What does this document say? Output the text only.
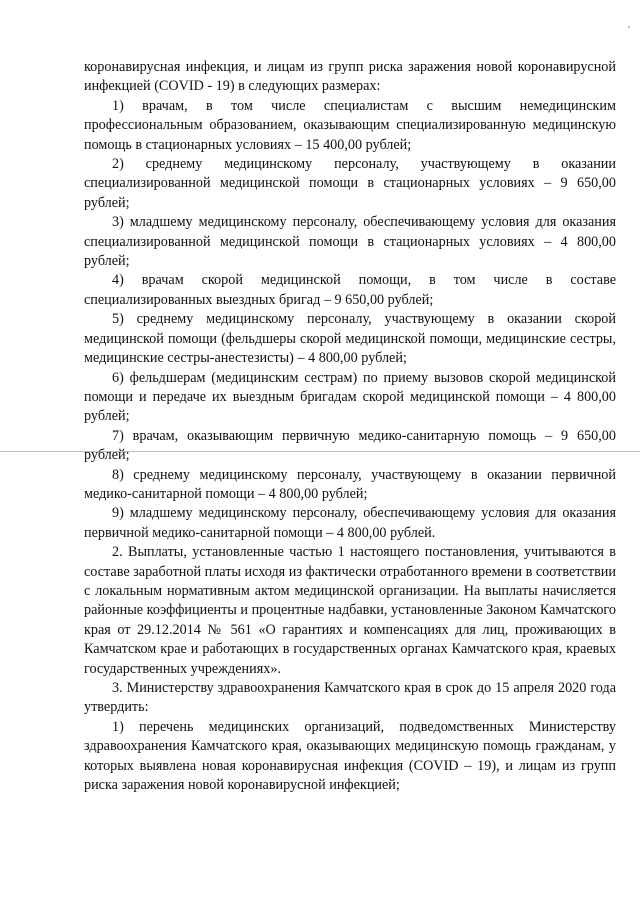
коронавирусная инфекция, и лицам из групп риска заражения новой коронавирусной инфекцией (COVID - 19) в следующих размерах:

1) врачам, в том числе специалистам с высшим немедицинским профессиональным образованием, оказывающим специализированную медицинскую помощь в стационарных условиях – 15 400,00 рублей;

2) среднему медицинскому персоналу, участвующему в оказании специализированной медицинской помощи в стационарных условиях – 9 650,00 рублей;

3) младшему медицинскому персоналу, обеспечивающему условия для оказания специализированной медицинской помощи в стационарных условиях – 4 800,00 рублей;

4) врачам скорой медицинской помощи, в том числе в составе специализированных выездных бригад – 9 650,00 рублей;

5) среднему медицинскому персоналу, участвующему в оказании скорой медицинской помощи (фельдшеры скорой медицинской помощи, медицинские сестры, медицинские сестры-анестезисты) – 4 800,00 рублей;

6) фельдшерам (медицинским сестрам) по приему вызовов скорой медицинской помощи и передаче их выездным бригадам скорой медицинской помощи – 4 800,00 рублей;

7) врачам, оказывающим первичную медико-санитарную помощь – 9 650,00 рублей;

8) среднему медицинскому персоналу, участвующему в оказании первичной медико-санитарной помощи – 4 800,00 рублей;

9) младшему медицинскому персоналу, обеспечивающему условия для оказания первичной медико-санитарной помощи – 4 800,00 рублей.

2. Выплаты, установленные частью 1 настоящего постановления, учитываются в составе заработной платы исходя из фактически отработанного времени в соответствии с локальным нормативным актом медицинской организации. На выплаты начисляется районные коэффициенты и процентные надбавки, установленные Законом Камчатского края от 29.12.2014 № 561 «О гарантиях и компенсациях для лиц, проживающих в Камчатском крае и работающих в государственных органах Камчатского края, краевых государственных учреждениях».

3. Министерству здравоохранения Камчатского края в срок до 15 апреля 2020 года утвердить:

1) перечень медицинских организаций, подведомственных Министерству здравоохранения Камчатского края, оказывающих медицинскую помощь гражданам, у которых выявлена новая коронавирусная инфекция (COVID – 19), и лицам из групп риска заражения новой коронавирусной инфекцией;
